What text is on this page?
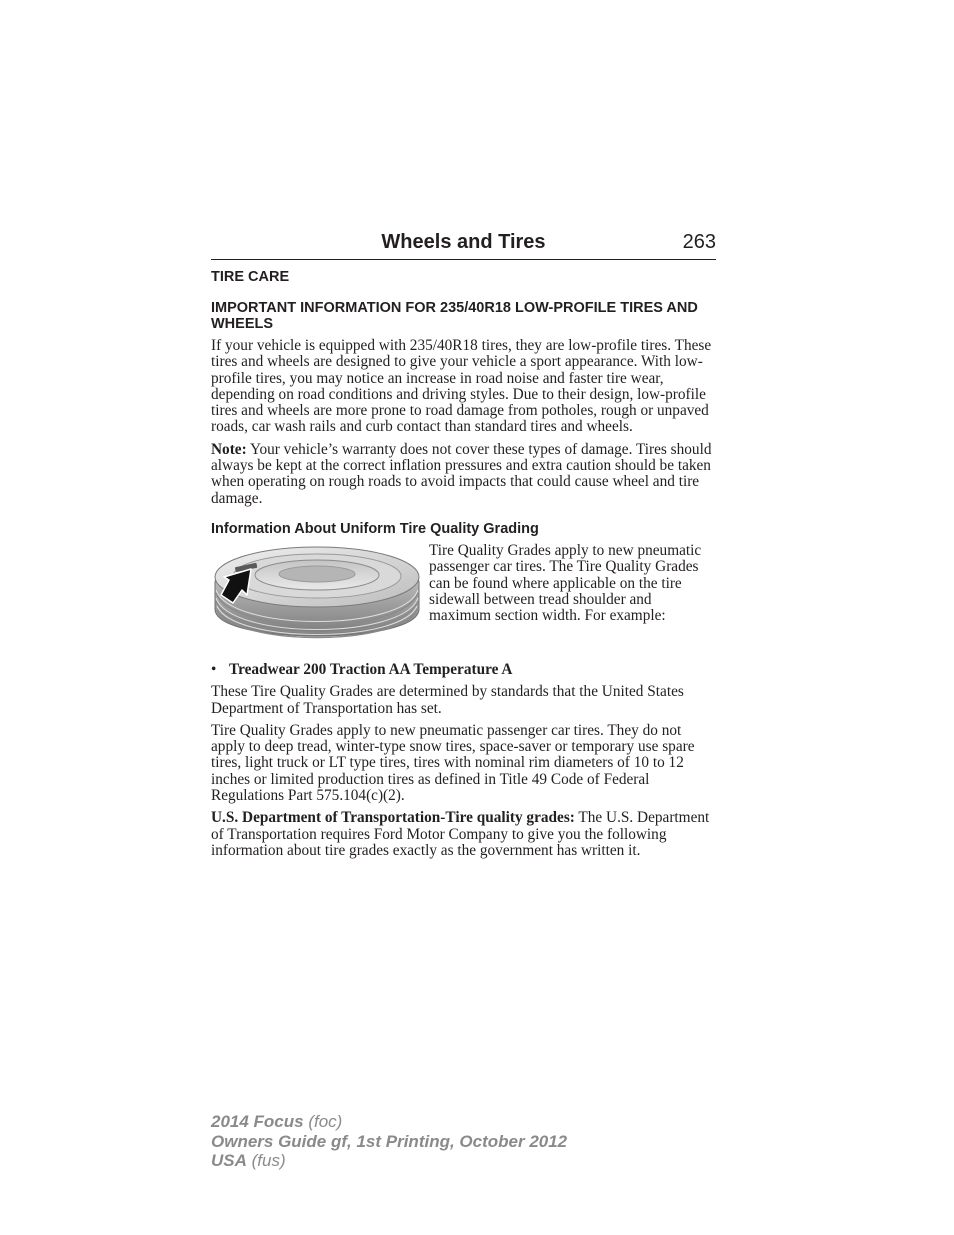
Wheels and Tires	263
TIRE CARE
IMPORTANT INFORMATION FOR 235/40R18 LOW-PROFILE TIRES AND WHEELS

If your vehicle is equipped with 235/40R18 tires, they are low-profile tires. These tires and wheels are designed to give your vehicle a sport appearance. With low-profile tires, you may notice an increase in road noise and faster tire wear, depending on road conditions and driving styles. Due to their design, low-profile tires and wheels are more prone to road damage from potholes, rough or unpaved roads, car wash rails and curb contact than standard tires and wheels.

Note: Your vehicle’s warranty does not cover these types of damage. Tires should always be kept at the correct inflation pressures and extra caution should be taken when operating on rough roads to avoid impacts that could cause wheel and tire damage.

Information About Uniform Tire Quality Grading

Tire Quality Grades apply to new pneumatic passenger car tires. The Tire Quality Grades can be found where applicable on the tire sidewall between tread shoulder and maximum section width. For example:

• Treadwear 200 Traction AA Temperature A

These Tire Quality Grades are determined by standards that the United States Department of Transportation has set.

Tire Quality Grades apply to new pneumatic passenger car tires. They do not apply to deep tread, winter-type snow tires, space-saver or temporary use spare tires, light truck or LT type tires, tires with nominal rim diameters of 10 to 12 inches or limited production tires as defined in Title 49 Code of Federal Regulations Part 575.104(c)(2).

U.S. Department of Transportation-Tire quality grades: The U.S. Department of Transportation requires Ford Motor Company to give you the following information about tire grades exactly as the government has written it.

2014 Focus (foc)
Owners Guide gf, 1st Printing, October 2012
USA (fus)
